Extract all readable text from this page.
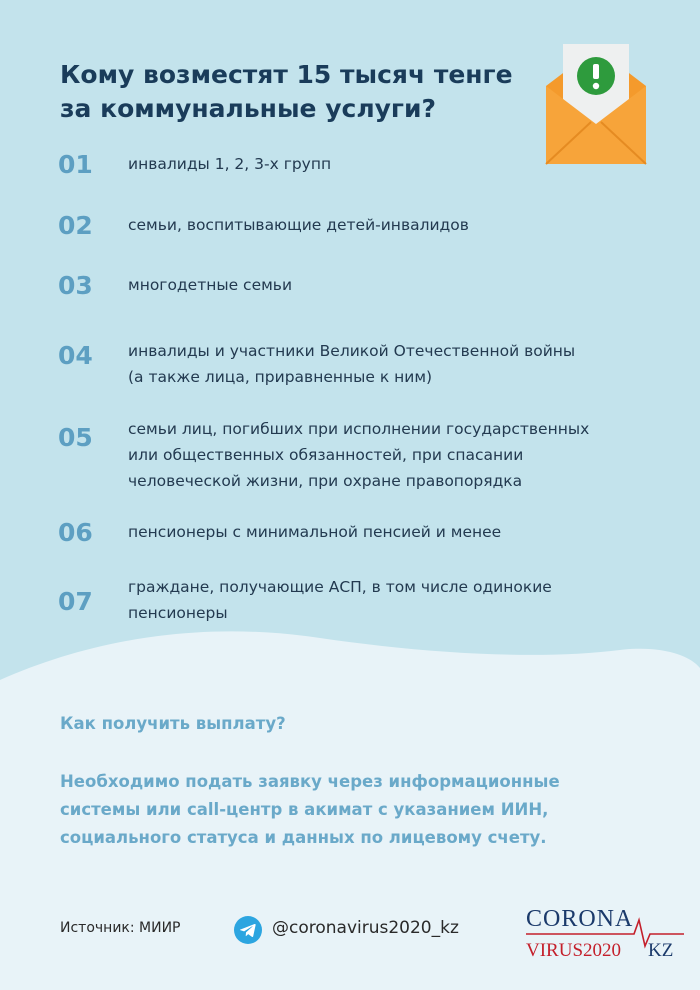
Кому возместят 15 тысяч тенге за коммунальные услуги?
01	инвалиды 1, 2, 3-х групп
02	семьи, воспитывающие детей-инвалидов
03	многодетные семьи
04	инвалиды и участники Великой Отечественной войны
(а также лица, приравненные к ним)
05	семьи лиц, погибших при исполнении государственных
или общественных обязанностей, при спасании
человеческой жизни, при охране правопорядка
06	пенсионеры с минимальной пенсией и менее
07	граждане, получающие АСП, в том числе одинокие
пенсионеры
Как получить выплату?
Необходимо подать заявку через информационные
системы или call-центр в акимат с указанием ИИН,
социального статуса и данных по лицевому счету.
Источник: МИИР	@coronavirus2020_kz	CORONA
VIRUS2020 KZ
